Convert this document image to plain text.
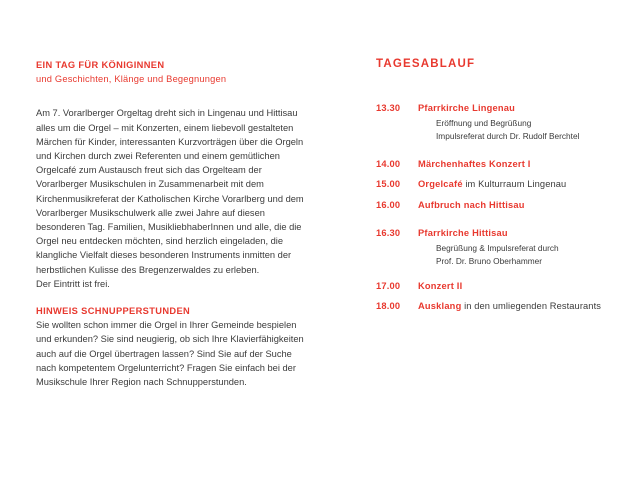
EIN TAG FÜR KÖNIGINNEN
und Geschichten, Klänge und Begegnungen
Am 7. Vorarlberger Orgeltag dreht sich in Lingenau und Hittisau alles um die Orgel – mit Konzerten, einem liebevoll gestalteten Märchen für Kinder, interessanten Kurzvorträgen über die Orgeln und Kirchen durch zwei Referenten und einem gemütlichen Orgelcafé zum Austausch freut sich das Orgelteam der Vorarlberger Musikschulen in Zusammenarbeit mit dem Kirchenmusikreferat der Katholischen Kirche Vorarlberg und dem Vorarlberger Musikschulwerk alle zwei Jahre auf diesen besonderen Tag. Familien, MusikliebhaberInnen und alle, die die Orgel neu entdecken möchten, sind herzlich eingeladen, die klangliche Vielfalt dieses besonderen Instruments inmitten der herbstlichen Kulisse des Bregenzerwaldes zu erleben.
Der Eintritt ist frei.
HINWEIS SCHNUPPERSTUNDEN
Sie wollten schon immer die Orgel in Ihrer Gemeinde bespielen und erkunden? Sie sind neugierig, ob sich Ihre Klavierfähigkeiten auch auf die Orgel übertragen lassen? Sind Sie auf der Suche nach kompetentem Orgelunterricht? Fragen Sie einfach bei der Musikschule Ihrer Region nach Schnupperstunden.
TAGESABLAUF
13.30	Pfarrkirche Lingenau
Eröffnung und Begrüßung
Impulsreferat durch Dr. Rudolf Berchtel
14.00	Märchenhaftes Konzert I
15.00	Orgelcafé im Kulturraum Lingenau
16.00	Aufbruch nach Hittisau
16.30	Pfarrkirche Hittisau
Begrüßung & Impulsreferat durch
Prof. Dr. Bruno Oberhammer
17.00	Konzert II
18.00	Ausklang in den umliegenden Restaurants
